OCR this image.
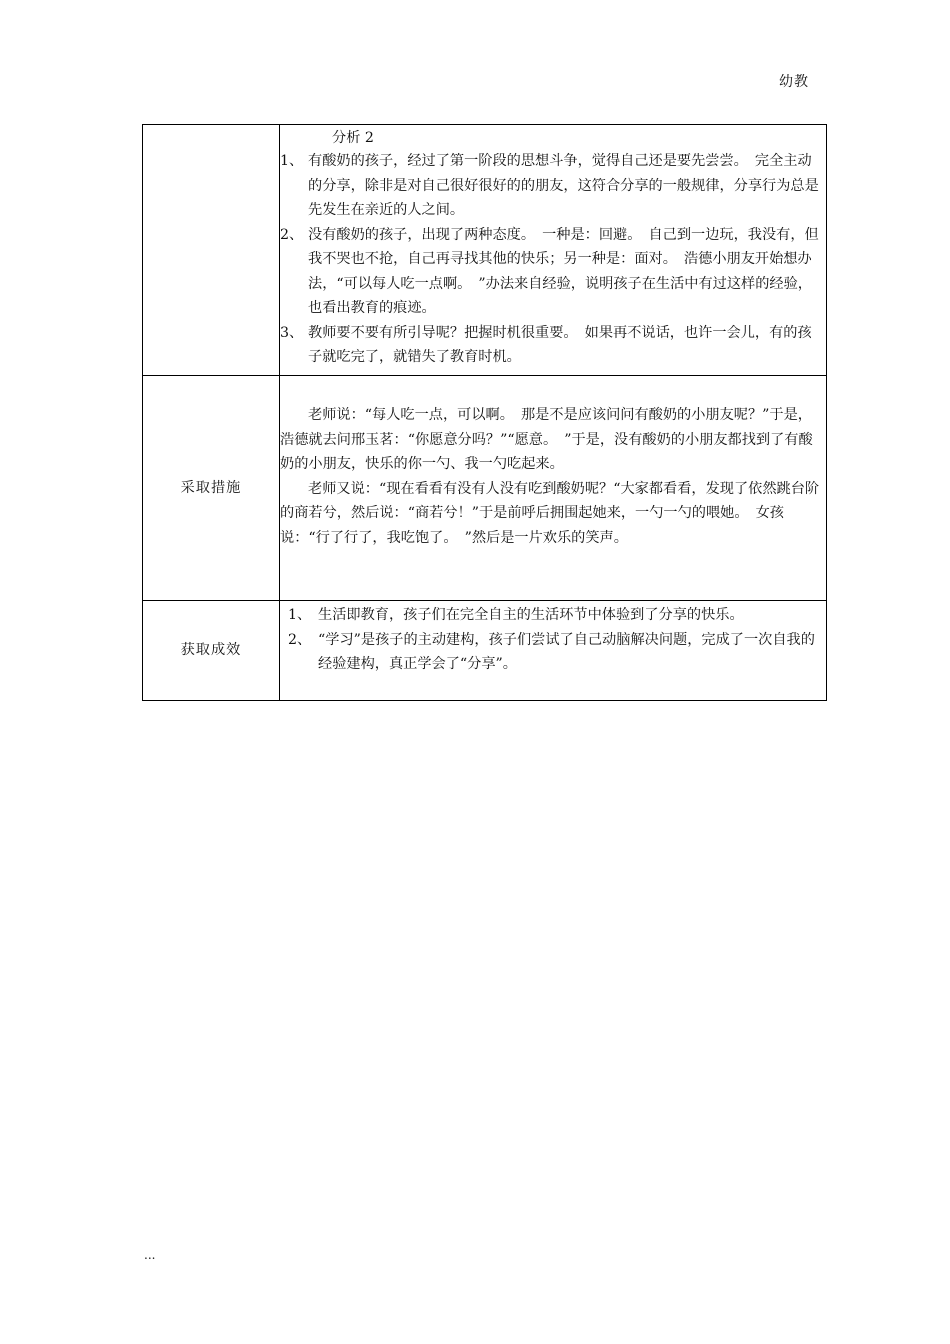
幼教

	分析 2
1、 有酸奶的孩子，经过了第一阶段的思想斗争，觉得自己还是要先尝尝。　完全主动的分享，除非是对自己很好很好的的朋友，这符合分享的一般规律，分享行为总是先发生在亲近的人之间。
2、 没有酸奶的孩子，出现了两种态度。　一种是：回避。　自己到一边玩，我没有，但我不哭也不抢，自己再寻找其他的快乐；另一种是：面对。　浩德小朋友开始想办法，“可以每人吃一点啊。　”办法来自经验，说明孩子在生活中有过这样的经验，也看出教育的痕迹。
3、 教师要不要有所引导呢？把握时机很重要。　如果再不说话，也许一会儿，有的孩子就吃完了，就错失了教育时机。

采取措施	老师说：“每人吃一点，可以啊。　那是不是应该问问有酸奶的小朋友呢？”于是，浩德就去问邢玉茗：“你愿意分吗？”“愿意。　”于是，没有酸奶的小朋友都找到了有酸奶的小朋友，快乐的你一勺、我一勺吃起来。
老师又说：“现在看看有没有人没有吃到酸奶呢？“大家都看看，发现了依然跳台阶的商若兮，然后说：“商若兮！”于是前呼后拥围起她来，一勺一勺的喂她。　女孩说：“行了行了，我吃饱了。　”然后是一片欢乐的笑声。

获取成效	1、 生活即教育，孩子们在完全自主的生活环节中体验到了分享的快乐。
2、 “学习”是孩子的主动建构，孩子们尝试了自己动脑解决问题，完成了一次自我的经验建构，真正学会了“分享”。
...
